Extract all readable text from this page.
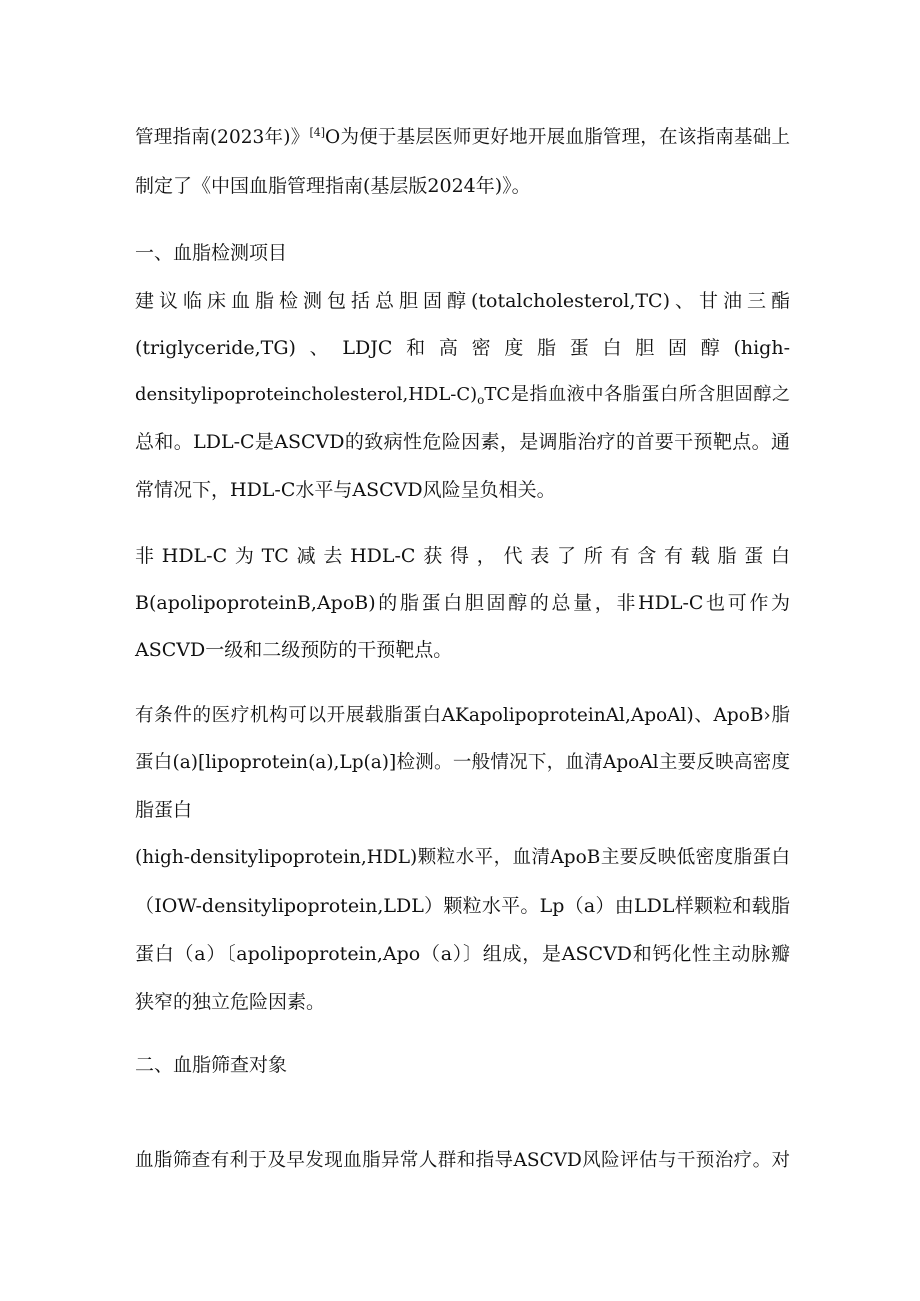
管理指南(2023年)》[4]O为便于基层医师更好地开展血脂管理，在该指南基础上
制定了《中国血脂管理指南(基层版2024年)》。
一、血脂检测项目
建议临床血脂检测包括总胆固醇(totalcholesterol,TC)、甘油三酯
(triglyceride,TG)、LDJC和高密度脂蛋白胆固醇(high-
$densitylipoproteincholesterol,HDL-C)_oTC$是指血液中各脂蛋白所含胆固醇之
总和。LDL-C是ASCVD的致病性危险因素，是调脂治疗的首要干预靶点。通
常情况下，HDL-C水平与ASCVD风险呈负相关。
非HDL-C为TC减去HDL-C获得，代表了所有含有载脂蛋白
B(apolipoproteinB,ApoB)的脂蛋白胆固醇的总量，非HDL-C也可作为
ASCVD一级和二级预防的干预靶点。
有条件的医疗机构可以开展载脂蛋白AKapolipoproteinAl,ApoAl)、ApoB›脂
蛋白(a)[lipoprotein(a),Lp(a)]检测。一般情况下，血清ApoAl主要反映高密度
脂蛋白
(high-densitylipoprotein,HDL)颗粒水平，血清ApoB主要反映低密度脂蛋白
（IOW-densitylipoprotein,LDL）颗粒水平。Lp（a）由LDL样颗粒和载脂
蛋白（a）〔apolipoprotein,Apo（a）〕组成，是ASCVD和钙化性主动脉瓣
狭窄的独立危险因素。
二、血脂筛查对象
血脂筛查有利于及早发现血脂异常人群和指导ASCVD风险评估与干预治疗。对
